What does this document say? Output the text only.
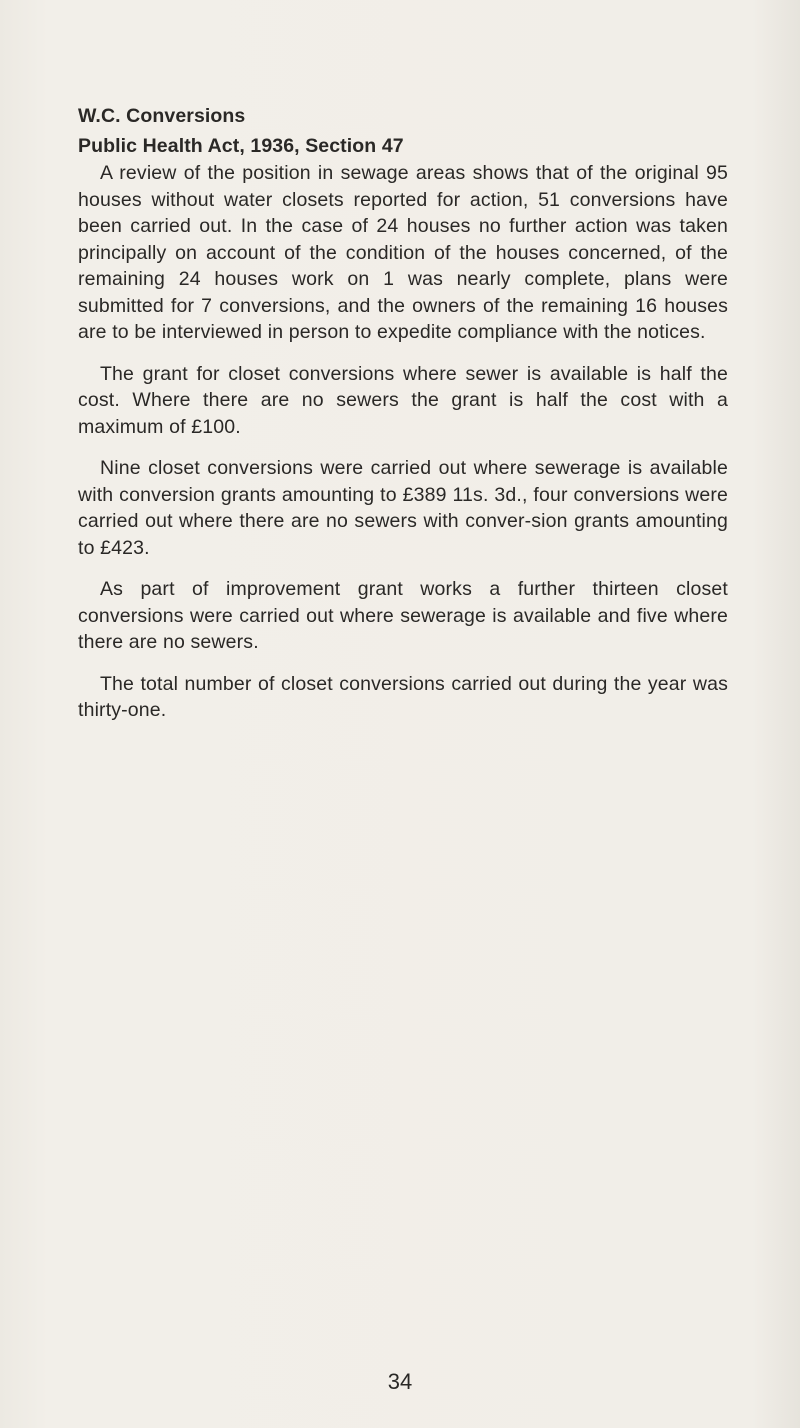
W.C. Conversions
Public Health Act, 1936, Section 47

A review of the position in sewage areas shows that of the original 95 houses without water closets reported for action, 51 conversions have been carried out. In the case of 24 houses no further action was taken principally on account of the condition of the houses concerned, of the remaining 24 houses work on 1 was nearly complete, plans were submitted for 7 conversions, and the owners of the remaining 16 houses are to be interviewed in person to expedite compliance with the notices.

The grant for closet conversions where sewer is available is half the cost. Where there are no sewers the grant is half the cost with a maximum of £100.

Nine closet conversions were carried out where sewerage is available with conversion grants amounting to £389 11s. 3d., four conversions were carried out where there are no sewers with conver-sion grants amounting to £423.

As part of improvement grant works a further thirteen closet conversions were carried out where sewerage is available and five where there are no sewers.

The total number of closet conversions carried out during the year was thirty-one.

34
